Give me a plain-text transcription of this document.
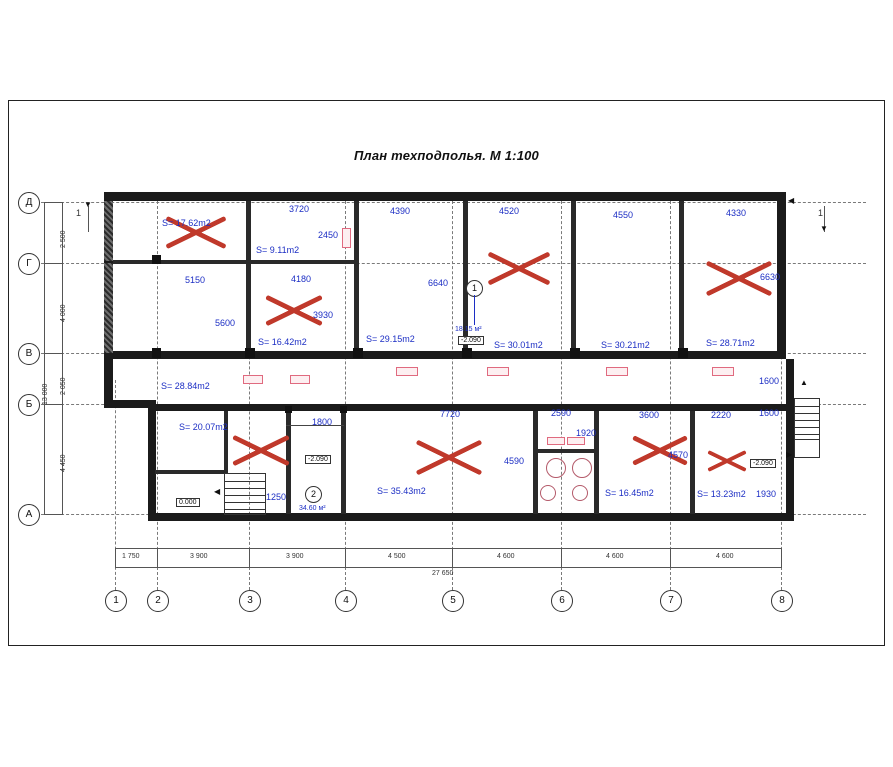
План техподполья. М 1:100
3720
2450
4390	4520	4550	4330
5150	4180
5600
3930
6640
6630
S= 17.62m2
S= 9.11m2
S= 16.42m2	S= 29.15m2
S= 30.01m2	S= 30.21m2	S= 28.71m2
1
18.15 м²
-2.090
S= 28.84m2
S= 20.07m2	1800
7720
4590
S= 35.43m2
2590
1920
3600
4570
S= 16.45m2
2220
1930
S= 13.23m2
1600
1600
1250	2
34.60 м²
-2.090
-2.090
0.000
◀
▶
Д
Г
В
Б
А
2 500
4 000
2 050
4 450
13 000
1	2	3	4	5	6	7	8
1 750	3 900	3 900	4 500	4 600	4 600	4 600
27 650
▼
1
▼
1
◀
▲
